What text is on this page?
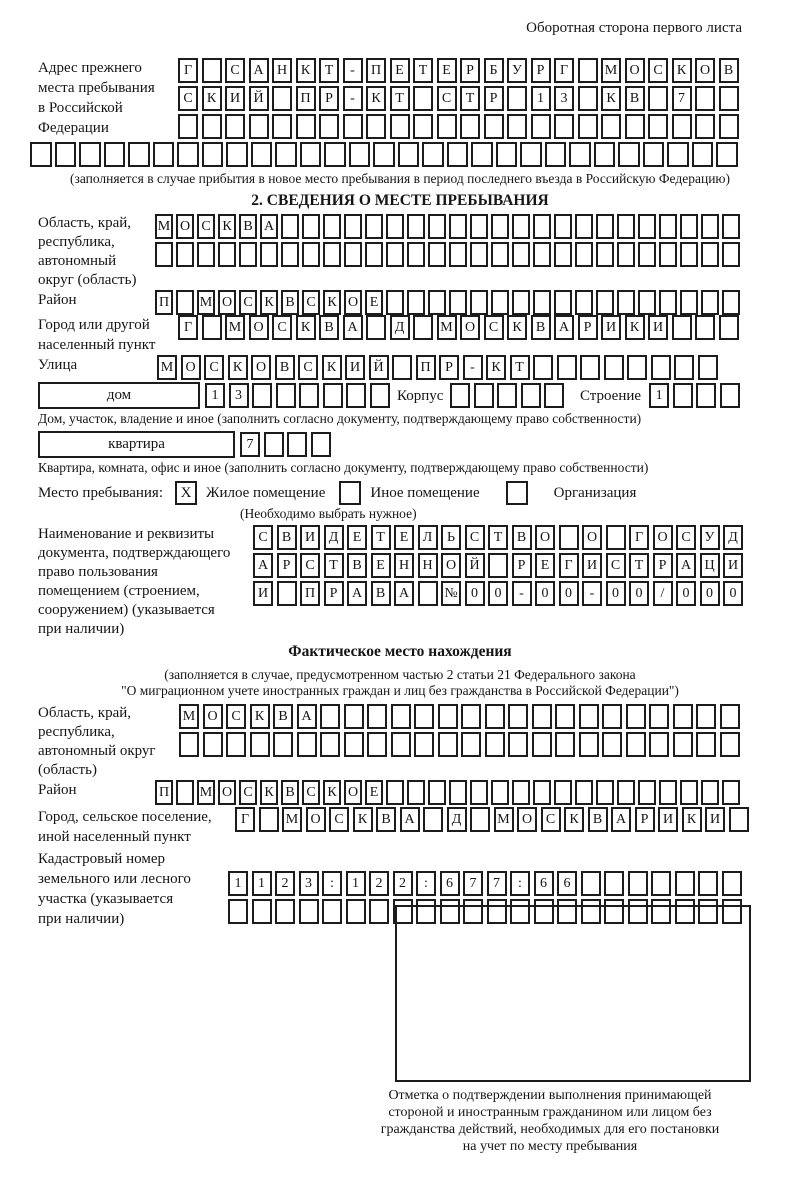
Оборотная сторона первого листа
Адрес прежнего
места пребывания
в Российской
Федерации
Г	С А Н К	Т	-	П	Е	Т	Е	Р	Б	У	Р	Г	М О С	К О В
С	К И Й	П	Р	-	К	Т	С	Т	Р	1	3	К	В	7
(заполняется в случае прибытия в новое место пребывания в период последнего въезда в Российскую Федерацию)
2. СВЕДЕНИЯ О МЕСТЕ ПРЕБЫВАНИЯ
Область, край,
республика,
автономный
округ (область)
М О С К В А
Район	П М О С К В С К О Е
Город или другой
населенный пункт
Г	М О С	К	В А	Д	М О С	К	В А	Р	И К И
Улица	М О С	К О В	С	К И Й	П	Р	-	К	Т
дом	1	3	Корпус	Строение	1
Дом, участок, владение и иное (заполнить согласно документу, подтверждающему право собственности)
квартира	7
Квартира, комната, офис и иное (заполнить согласно документу, подтверждающему право собственности)
Место пребывания:	X Жилое помещение	Иное помещение	Организация
(Необходимо выбрать нужное)
Наименование и реквизиты
документа, подтверждающего
право пользования
помещением (строением,
сооружением) (указывается
при наличии)
С	В И Д	Е	Т	Е	Л	Ь	С	Т	В О	О	Г	О С У Д
А	Р	С	Т	В	Е	Н Н О Й	Р	Е	Г	И С	Т	Р	А Ц И
И	П	Р	А В А	№ 0	0	-	0	0	-	0	0	/	0	0	0
Фактическое место нахождения
(заполняется в случае, предусмотренном частью 2 статьи 21 Федерального закона
"О миграционном учете иностранных граждан и лиц без гражданства в Российской Федерации")
Область, край,
республика,
автономный округ
(область)
М О С	К	В А
Район	П М О С К В С К О Е
Город, сельское поселение,
иной населенный пункт
Г	М О С	К	В А	Д	М О С	К	В А	Р	И К И
Кадастровый номер
земельного или лесного
участка (указывается
при наличии)
1	1	2	3	:	1	2	2	:	6	7	7	:	6	6
Отметка о подтверждении выполнения принимающей
стороной и иностранным гражданином или лицом без
гражданства действий, необходимых для его постановки
на учет по месту пребывания
